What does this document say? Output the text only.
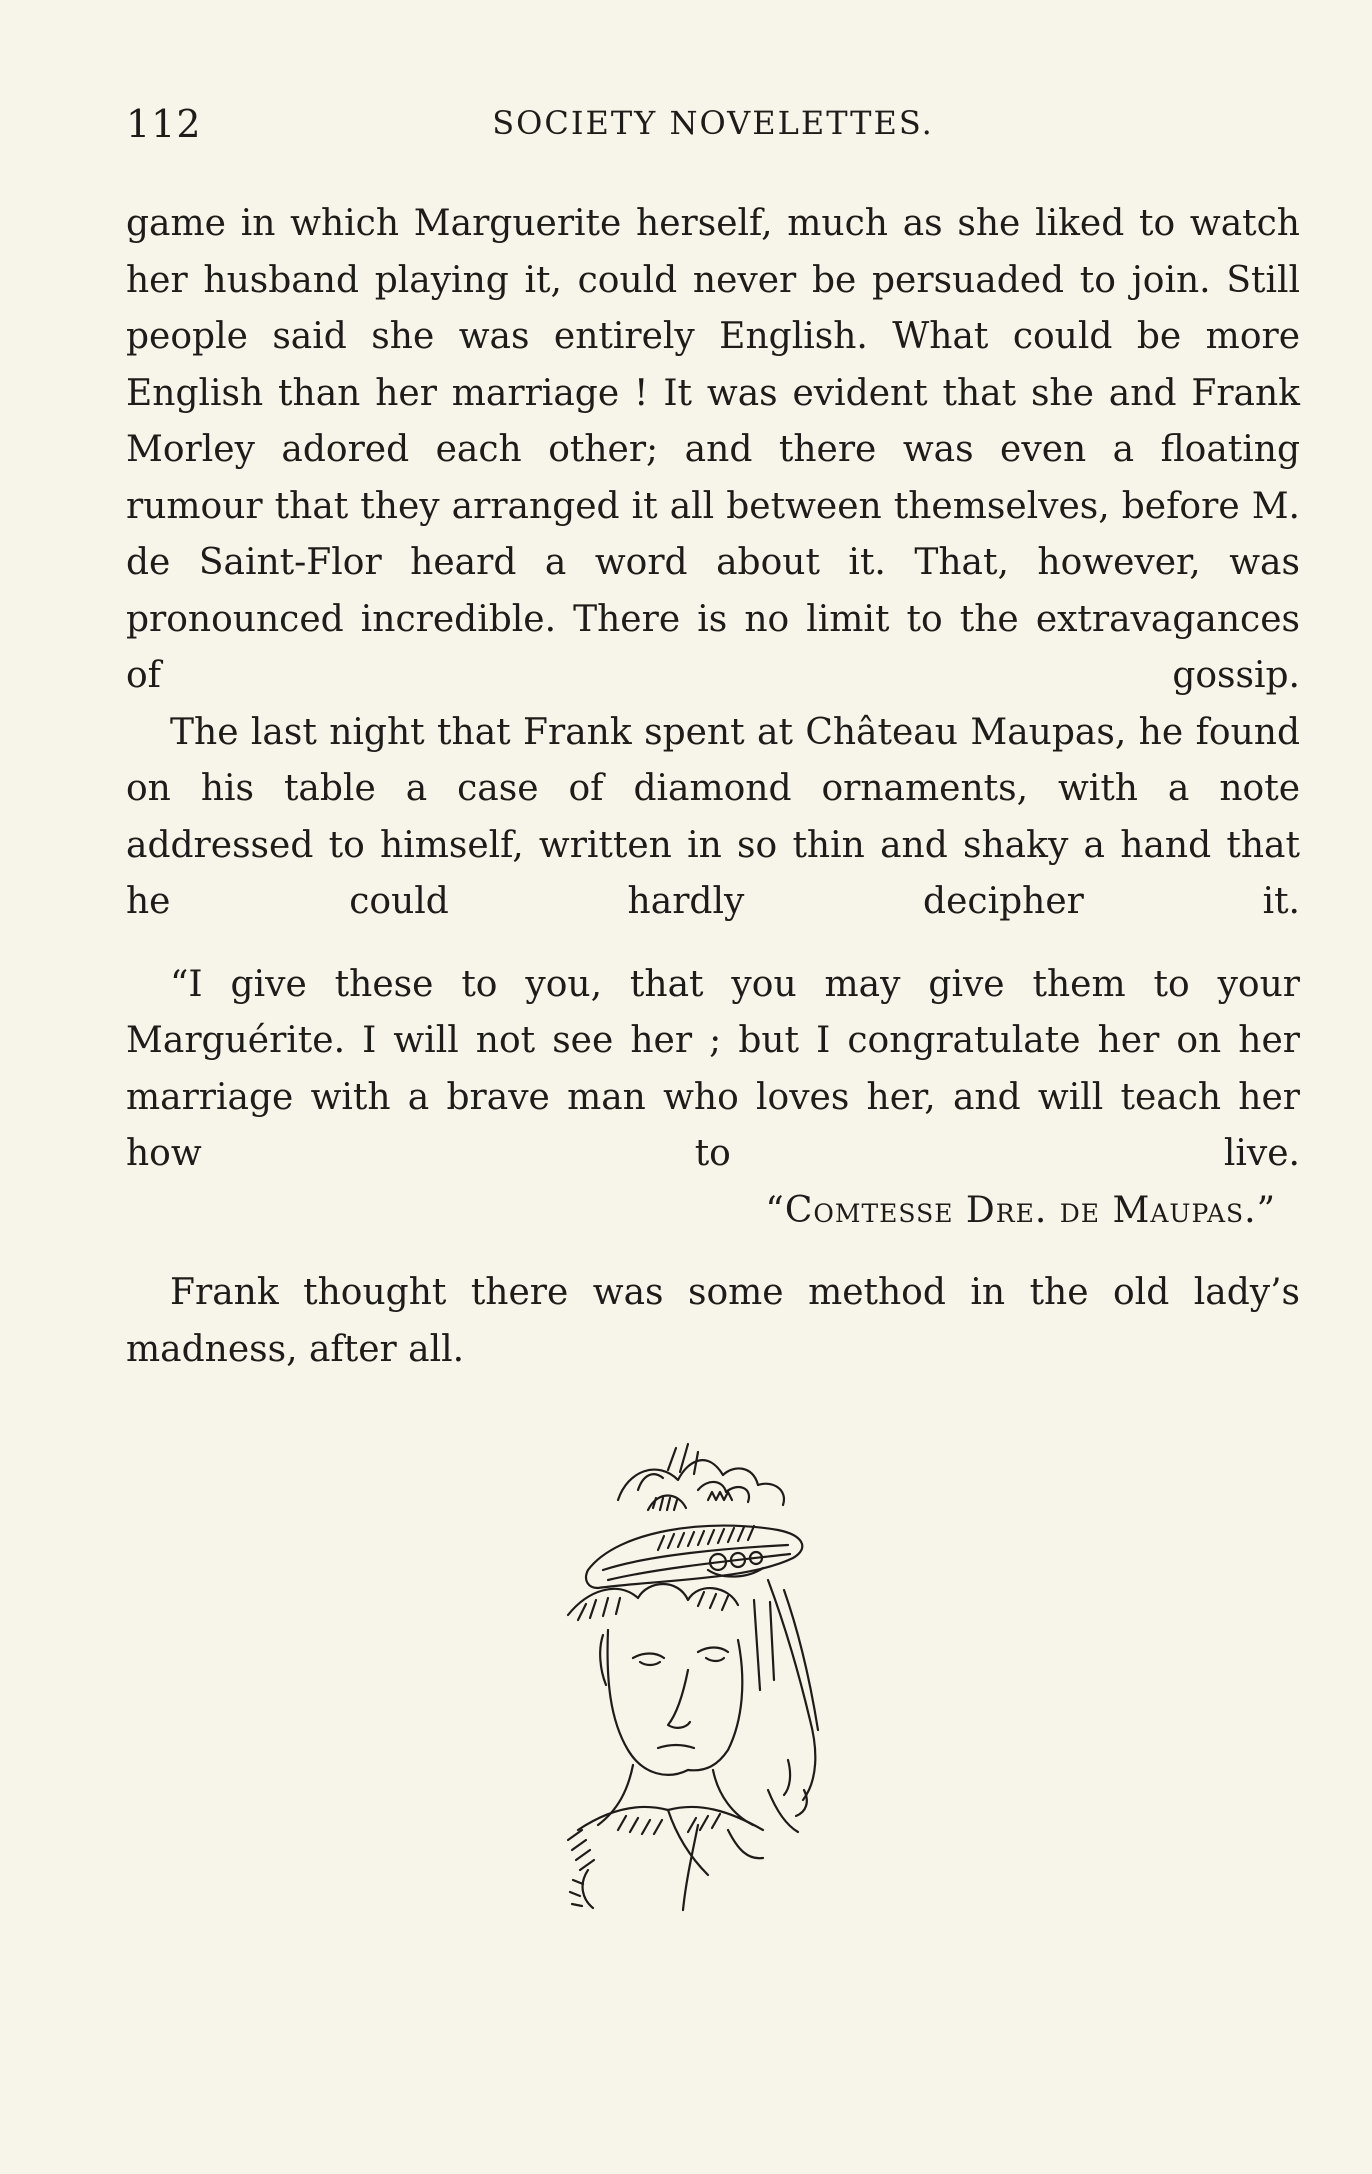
112	SOCIETY NOVELETTES.

game in which Marguerite herself, much as she liked to watch her husband playing it, could never be persuaded to join. Still people said she was entirely English. What could be more English than her marriage ! It was evident that she and Frank Morley adored each other; and there was even a floating rumour that they arranged it all between themselves, before M. de Saint-Flor heard a word about it. That, however, was pronounced incredible. There is no limit to the extravagances of gossip.

The last night that Frank spent at Château Maupas, he found on his table a case of diamond ornaments, with a note addressed to himself, written in so thin and shaky a hand that he could hardly decipher it.

“I give these to you, that you may give them to your Marguérite. I will not see her ; but I congratulate her on her marriage with a brave man who loves her, and will teach her how to live.

“Comtesse Dre. de Maupas.”

Frank thought there was some method in the old lady’s madness, after all.
